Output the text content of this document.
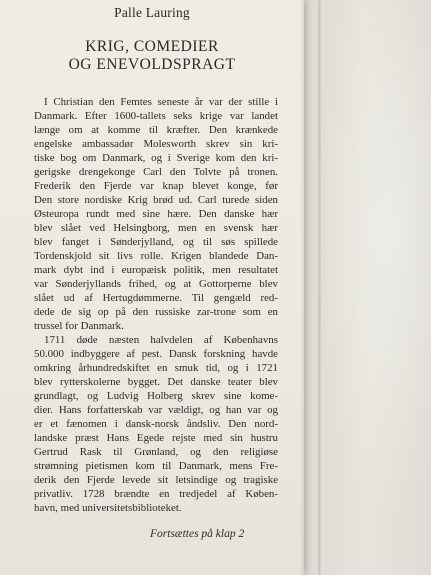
Palle Lauring
KRIG, COMEDIER
OG ENEVOLDSPRAGT
I Christian den Femtes seneste år var der stille i
Danmark. Efter 1600-tallets seks krige var landet
længe om at komme til kræfter. Den krænkede
engelske ambassadør Molesworth skrev sin kri-
tiske bog om Danmark, og i Sverige kom den kri-
gerigske drengekonge Carl den Tolvte på tronen.
Frederik den Fjerde var knap blevet konge, før
Den store nordiske Krig brød ud. Carl turede siden
Østeuropa rundt med sine hære. Den danske hær
blev slået ved Helsingborg, men en svensk hær
blev fanget i Sønderjylland, og til søs spillede
Tordenskjold sit livs rolle. Krigen blandede Dan-
mark dybt ind i europæisk politik, men resultatet
var Sønderjyllands frihed, og at Gottorperne blev
slået ud af Hertugdømmerne. Til gengæld red-
dede de sig op på den russiske zar-trone som en
trussel for Danmark.
1711 døde næsten halvdelen af Københavns
50.000 indbyggere af pest. Dansk forskning havde
omkring århundredskiftet en smuk tid, og i 1721
blev rytterskolerne bygget. Det danske teater blev
grundlagt, og Ludvig Holberg skrev sine kome-
dier. Hans forfatterskab var vældigt, og han var og
er et fænomen i dansk-norsk åndsliv. Den nord-
landske præst Hans Egede rejste med sin hustru
Gertrud Rask til Grønland, og den religiøse
strømning pietismen kom til Danmark, mens Fre-
derik den Fjerde levede sit letsindige og tragiske
privatliv. 1728 brændte en tredjedel af Køben-
havn, med universitetsbiblioteket.
Fortsættes på klap 2
